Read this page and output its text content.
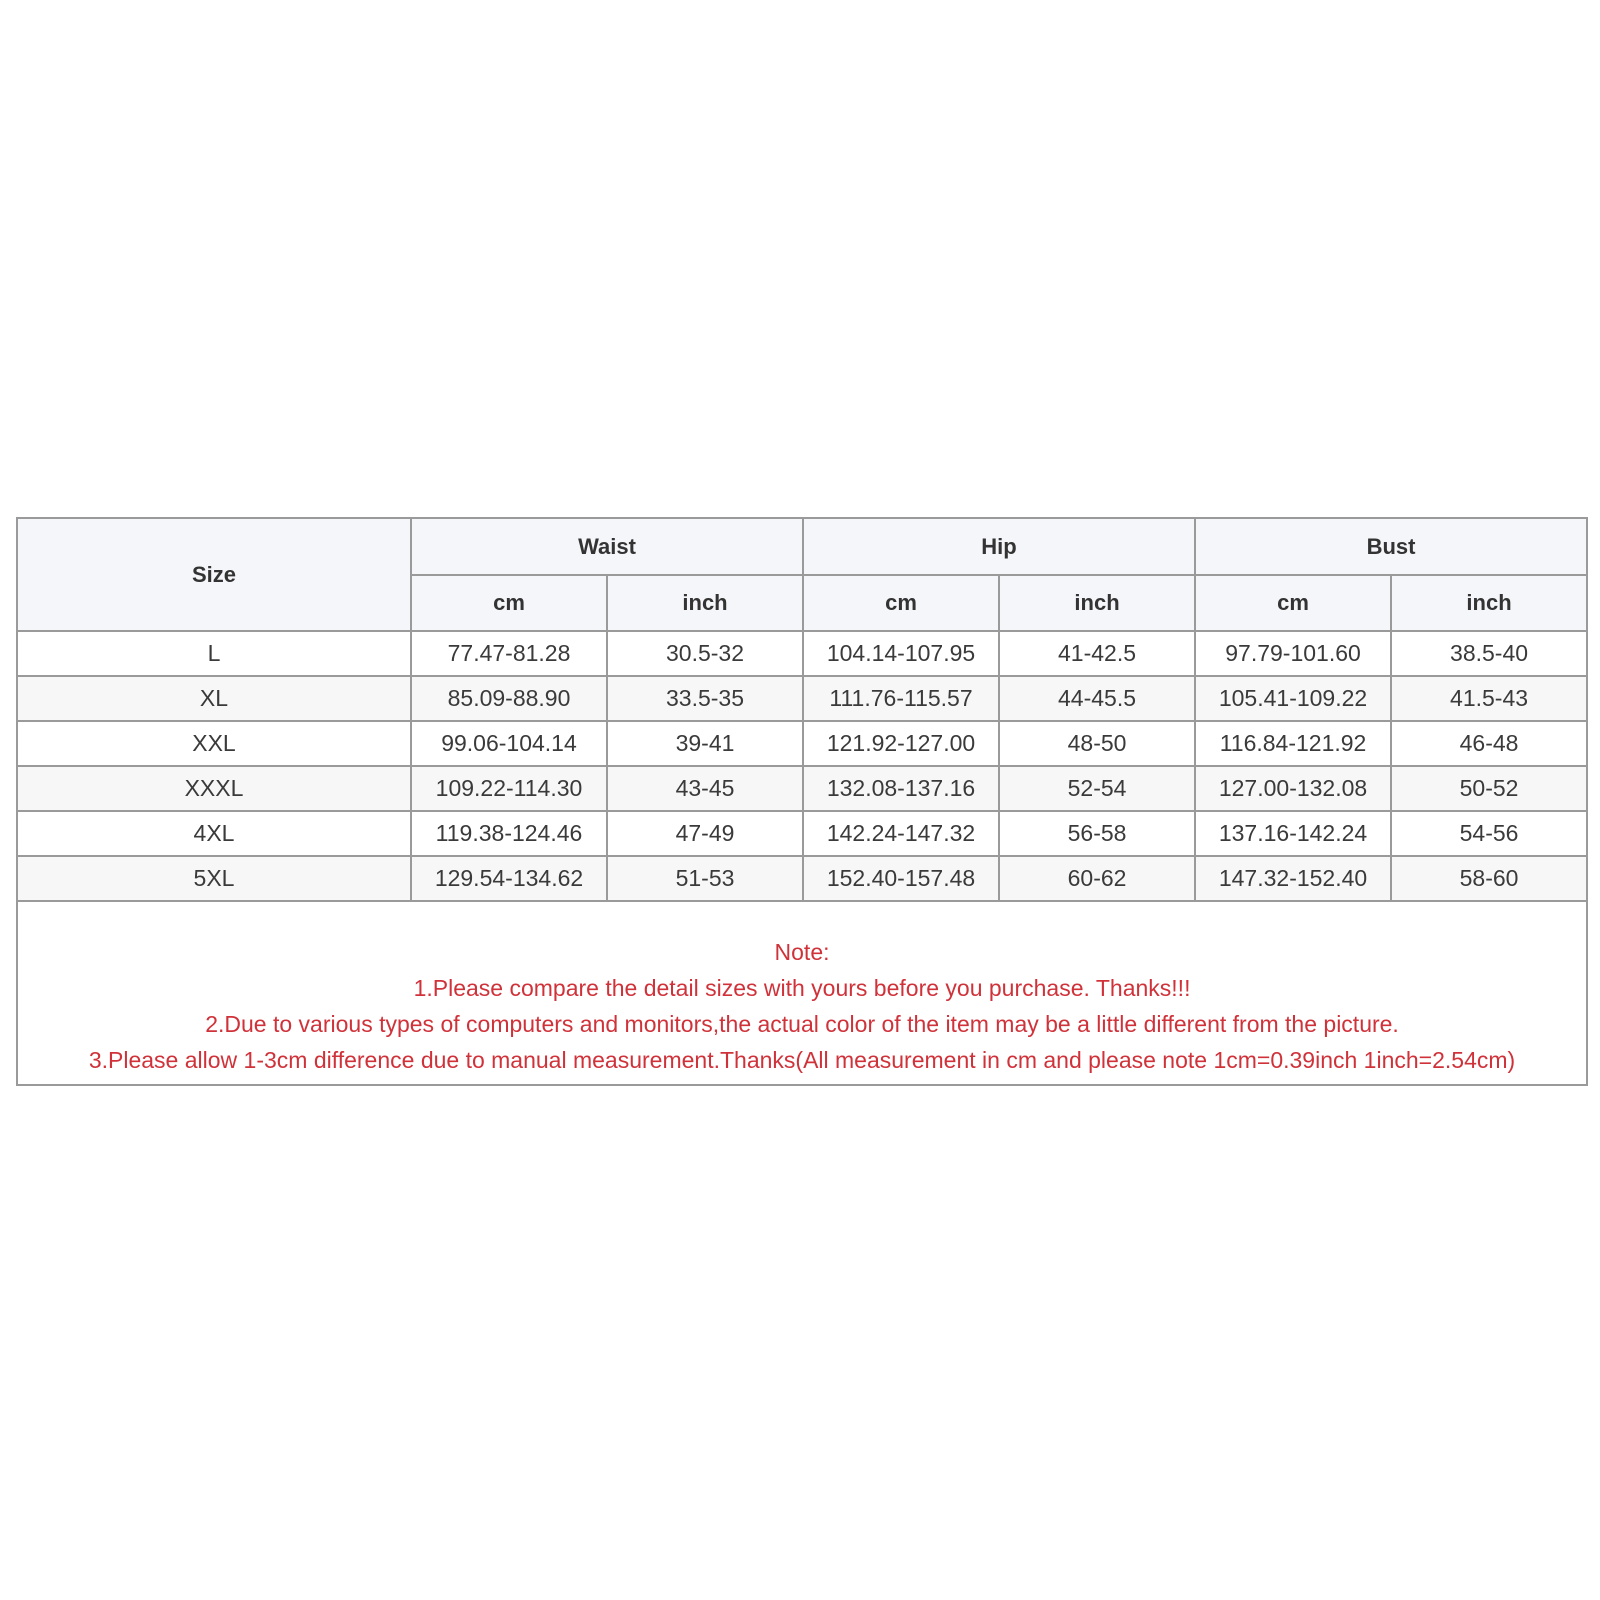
Size	Waist		Hip		Bust	
	cm	inch	cm	inch	cm	inch
L	77.47-81.28	30.5-32	104.14-107.95	41-42.5	97.79-101.60	38.5-40
XL	85.09-88.90	33.5-35	111.76-115.57	44-45.5	105.41-109.22	41.5-43
XXL	99.06-104.14	39-41	121.92-127.00	48-50	116.84-121.92	46-48
XXXL	109.22-114.30	43-45	132.08-137.16	52-54	127.00-132.08	50-52
4XL	119.38-124.46	47-49	142.24-147.32	56-58	137.16-142.24	54-56
5XL	129.54-134.62	51-53	152.40-157.48	60-62	147.32-152.40	58-60

Note:
1.Please compare the detail sizes with yours before you purchase. Thanks!!!
2.Due to various types of computers and monitors,the actual color of the item may be a little different from the picture.
3.Please allow 1-3cm difference due to manual measurement.Thanks(All measurement in cm and please note 1cm=0.39inch 1inch=2.54cm)						
